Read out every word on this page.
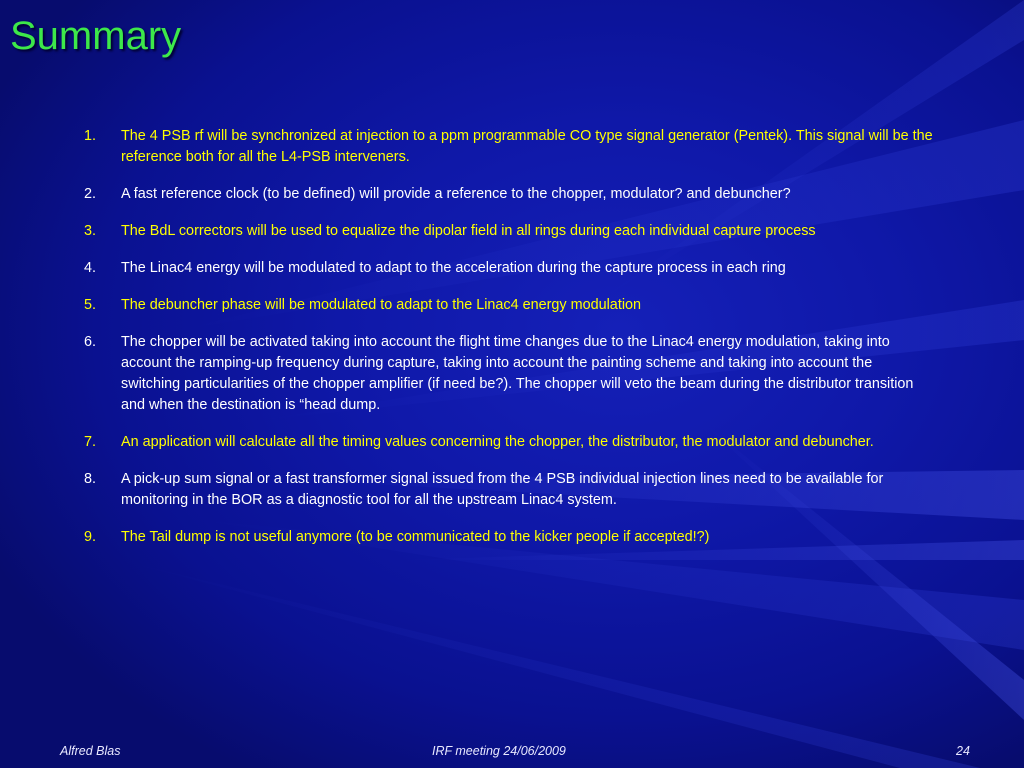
Summary
1. The 4 PSB rf will be synchronized at injection to a ppm programmable CO type signal generator (Pentek). This signal will be the reference both for all the L4-PSB interveners.
2. A fast reference clock (to be defined) will provide a reference to the chopper, modulator? and debuncher?
3. The BdL correctors will be used to equalize the dipolar field in all rings during each individual capture process
4. The Linac4 energy will be modulated to adapt to the acceleration during the capture process in each ring
5. The debuncher phase will be modulated to adapt to the Linac4 energy modulation
6. The chopper will be activated taking into account the flight time changes due to the Linac4 energy modulation, taking into account the ramping-up frequency during capture, taking into account the painting scheme and taking into account the switching particularities of the chopper amplifier (if need be?). The chopper will veto the beam during the distributor transition and when the destination is “head dump.
7. An application will calculate all the timing values concerning the chopper, the distributor, the modulator and debuncher.
8. A pick-up sum signal or a fast transformer signal issued from the 4 PSB individual injection lines need to be available for monitoring in the BOR as a diagnostic tool for all the upstream Linac4 system.
9. The Tail dump is not useful anymore (to be communicated to the kicker people if accepted!?)
Alfred Blas	IRF meeting 24/06/2009	24
